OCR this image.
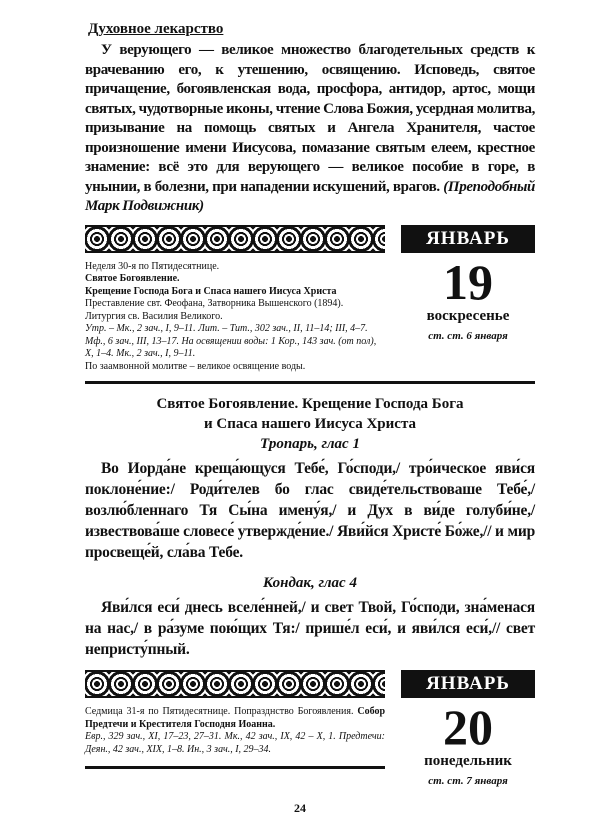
Духовное лекарство
У верующего — великое множество благодетельных средств к врачеванию его, к утешению, освящению. Исповедь, святое причащение, богоявленская вода, просфора, антидор, артос, мощи святых, чудотворные иконы, чтение Слова Божия, усердная молитва, призывание на помощь святых и Ангела Хранителя, частое произношение имени Иисусова, помазание святым елеем, крестное знамение: всё это для верующего — великое пособие в горе, в унынии, в болезни, при нападении искушений, врагов. (Преподобный Марк Подвижник)
Неделя 30-я по Пятидесятнице.
Святое Богоявление.
Крещение Господа Бога и Спаса нашего Иисуса Христа
Преставление свт. Феофана, Затворника Вышенского (1894).
Литургия св. Василия Великого.
Утр. – Мк., 2 зач., I, 9–11. Лит. – Тит., 302 зач., II, 11–14; III, 4–7. Мф., 6 зач., III, 13–17. На освящении воды: 1 Кор., 143 зач. (от пол), X, 1–4. Мк., 2 зач., I, 9–11.
По заамвонной молитве – великое освящение воды.
ЯНВАРЬ
19
воскресенье
ст. ст. 6 января
Святое Богоявление. Крещение Господа Бога
и Спаса нашего Иисуса Христа
Тропарь, глас 1
Во Иорда́не креща́ющуся Тебе́, Го́споди,/ тро́ическое яви́ся поклоне́ние:/ Роди́телев бо глас свиде́тельствоваше Тебе́,/ возлю́бленнаго Тя Сы́на имену́я,/ и Дух в ви́де голуби́не,/ извествова́ше словесе́ утвержде́ние./ Яви́йся Христе́ Бо́же,// и мир просвеще́й, сла́ва Тебе.
Кондак, глас 4
Яви́лся еси́ днесь вселе́нней,/ и свет Твой, Го́споди, зна́менася на нас,/ в ра́зуме пою́щих Тя:/ прише́л еси́, и яви́лся еси́,// свет непристу́пный.
Седмица 31-я по Пятидесятнице. Попразднство Богоявления. Собор Предтечи и Крестителя Господня Иоанна.
Евр., 329 зач., XI, 17–23, 27–31. Мк., 42 зач., IX, 42 – X, 1. Предтечи: Деян., 42 зач., XIX, 1–8. Ин., 3 зач., I, 29–34.
ЯНВАРЬ
20
понедельник
ст. ст. 7 января
24
